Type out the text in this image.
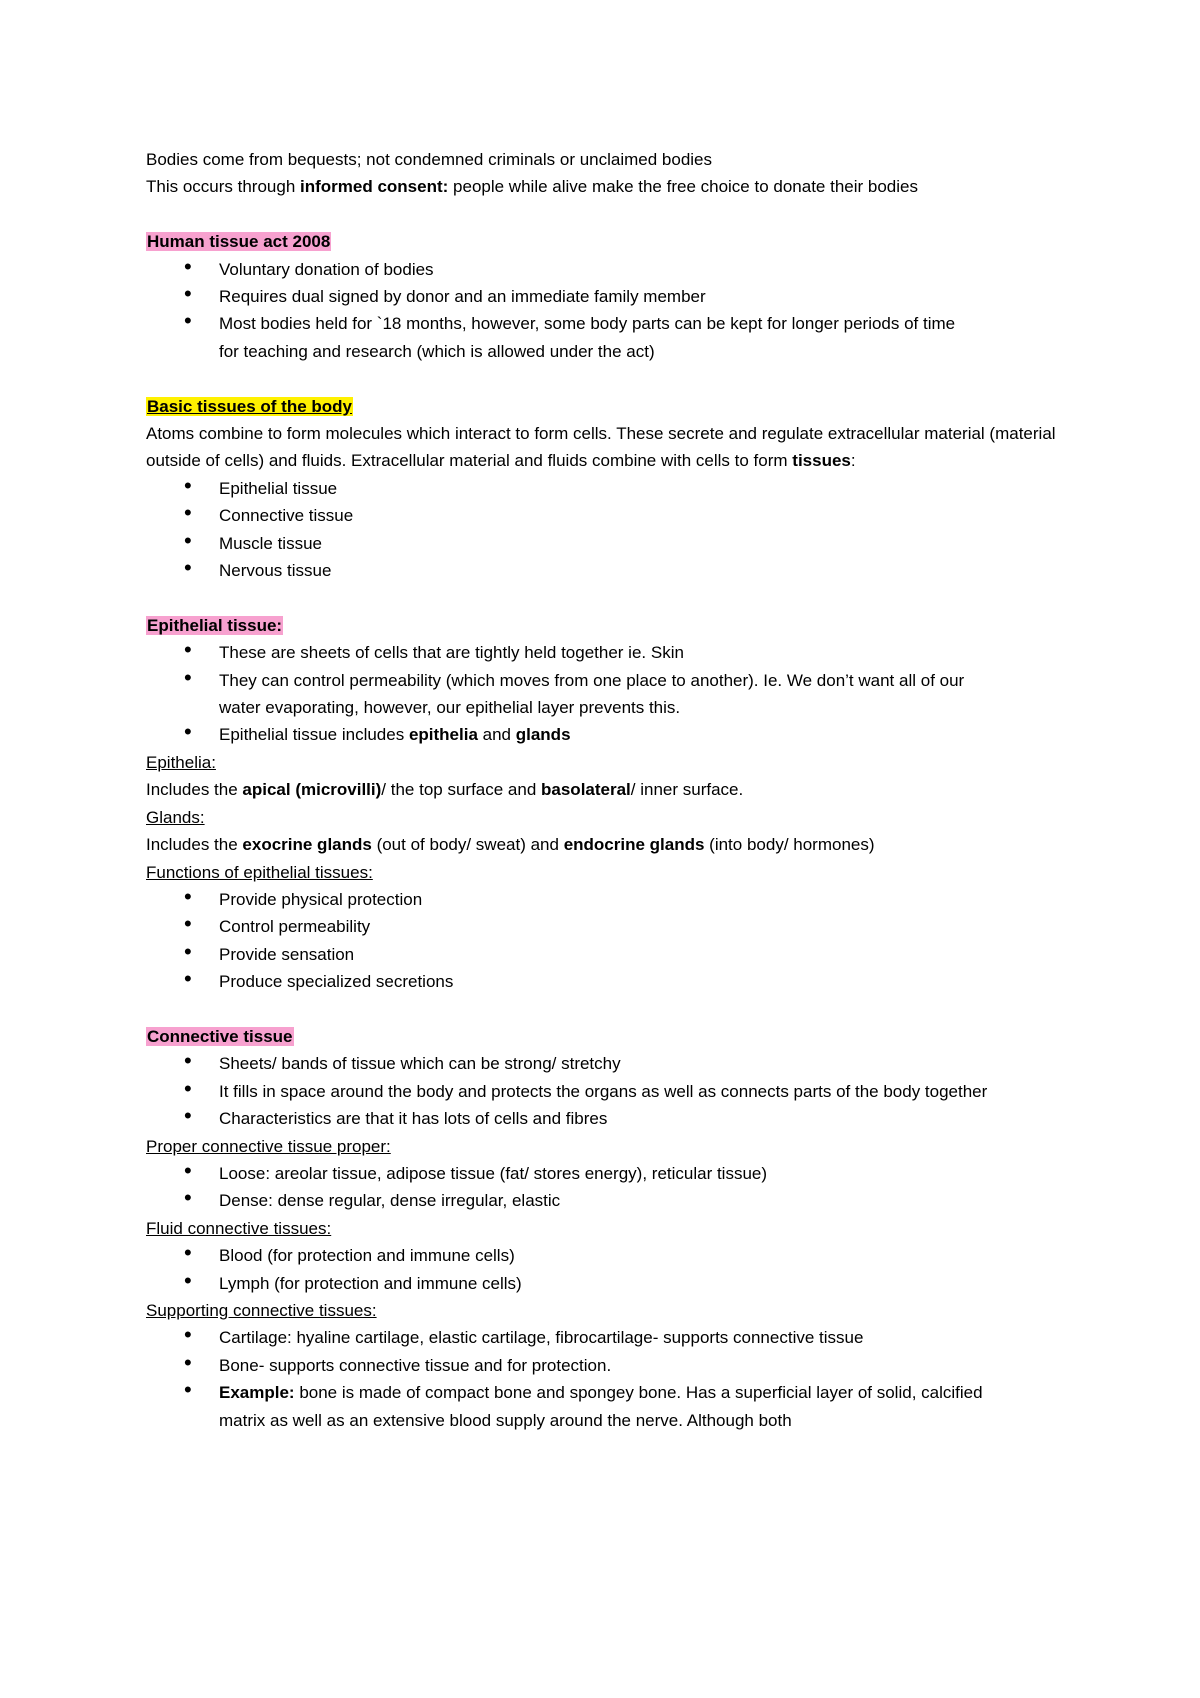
Bodies come from bequests; not condemned criminals or unclaimed bodies
This occurs through informed consent: people while alive make the free choice to donate their bodies
Human tissue act 2008
• Voluntary donation of bodies
• Requires dual signed by donor and an immediate family member
• Most bodies held for `18 months, however, some body parts can be kept for longer periods of time for teaching and research (which is allowed under the act)
Basic tissues of the body
Atoms combine to form molecules which interact to form cells. These secrete and regulate extracellular material (material outside of cells) and fluids. Extracellular material and fluids combine with cells to form tissues:
• Epithelial tissue
• Connective tissue
• Muscle tissue
• Nervous tissue
Epithelial tissue:
• These are sheets of cells that are tightly held together ie. Skin
• They can control permeability (which moves from one place to another). Ie. We don’t want all of our water evaporating, however, our epithelial layer prevents this.
• Epithelial tissue includes epithelia and glands
Epithelia:
Includes the apical (microvilli)/ the top surface and basolateral/ inner surface.
Glands:
Includes the exocrine glands (out of body/ sweat) and endocrine glands (into body/ hormones)
Functions of epithelial tissues:
• Provide physical protection
• Control permeability
• Provide sensation
• Produce specialized secretions
Connective tissue
• Sheets/ bands of tissue which can be strong/ stretchy
• It fills in space around the body and protects the organs as well as connects parts of the body together
• Characteristics are that it has lots of cells and fibres
Proper connective tissue proper:
• Loose: areolar tissue, adipose tissue (fat/ stores energy), reticular tissue)
• Dense: dense regular, dense irregular, elastic
Fluid connective tissues:
• Blood (for protection and immune cells)
• Lymph (for protection and immune cells)
Supporting connective tissues:
• Cartilage: hyaline cartilage, elastic cartilage, fibrocartilage- supports connective tissue
• Bone- supports connective tissue and for protection.
• Example: bone is made of compact bone and spongey bone. Has a superficial layer of solid, calcified matrix as well as an extensive blood supply around the nerve. Although both
